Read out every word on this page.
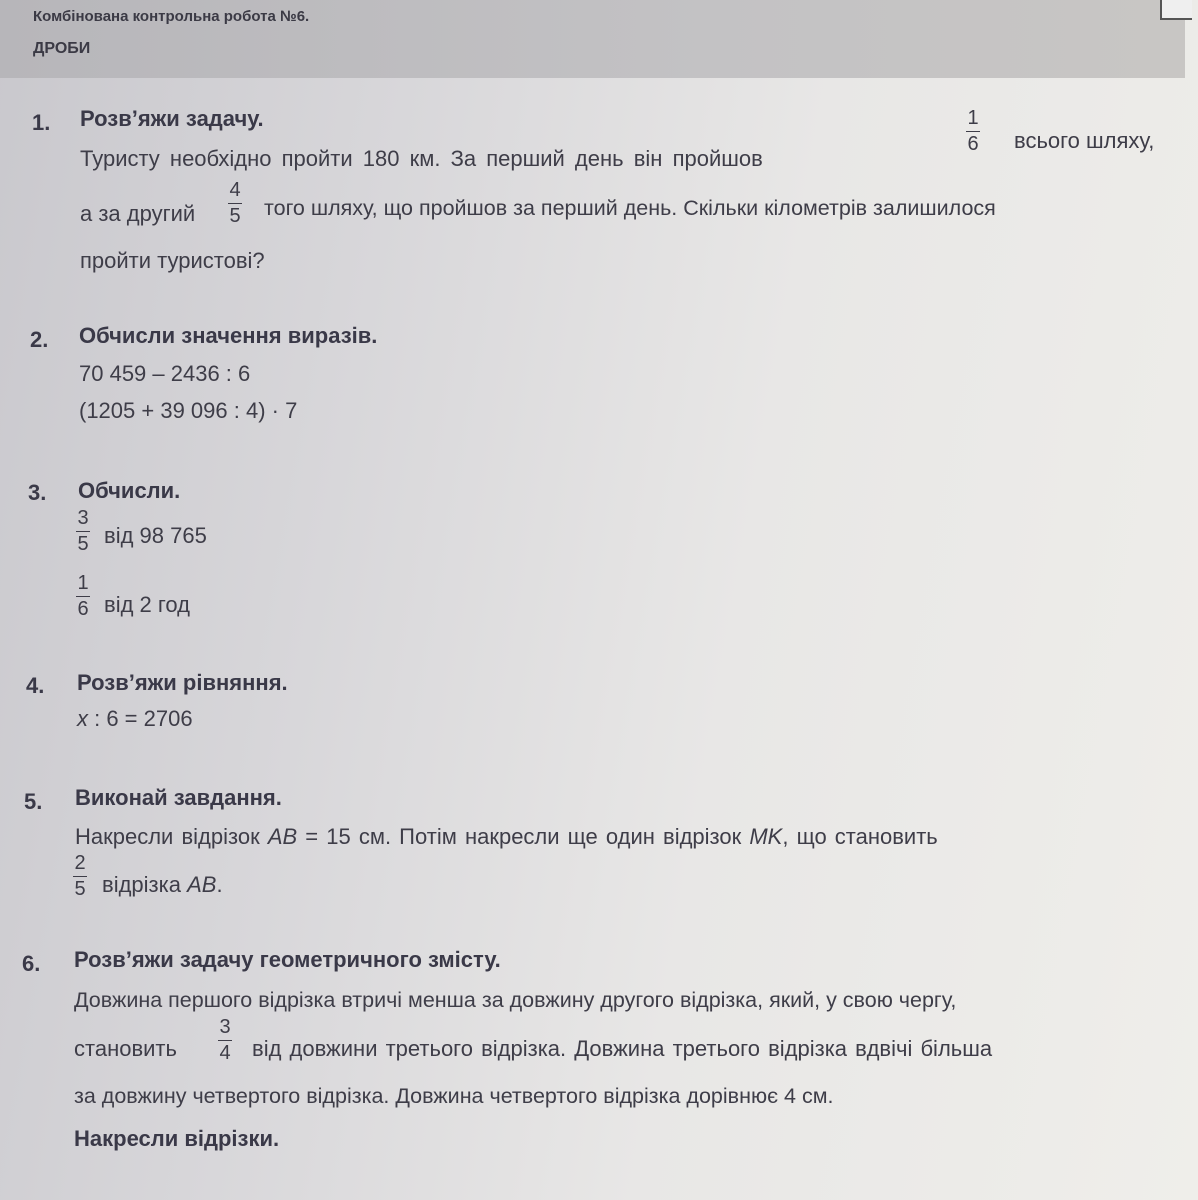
Комбінована контрольна робота №6.
ДРОБИ
1. Розв’яжи задачу.
Туристу необхідно пройти 180 км. За перший день він пройшов
1
6 всього шляху,
а за другий
4
5 того шляху, що пройшов за перший день. Скільки кілометрів залишилося
пройти туристові?
2. Обчисли значення виразів.
70 459 – 2436 : 6
(1205 + 39 096 : 4) · 7
3. Обчисли.
3
5 від 98 765
1
6 від 2 год
4. Розв’яжи рівняння.
x : 6 = 2706
5. Виконай завдання.
Накресли відрізок AB = 15 см. Потім накресли ще один відрізок MK, що становить
2
5 відрізка AB.
6. Розв’яжи задачу геометричного змісту.
Довжина першого відрізка втричі менша за довжину другого відрізка, який, у свою чергу,
становить
3
4 від довжини третього відрізка. Довжина третього відрізка вдвічі більша
за довжину четвертого відрізка. Довжина четвертого відрізка дорівнює 4 см.
Накресли відрізки.
